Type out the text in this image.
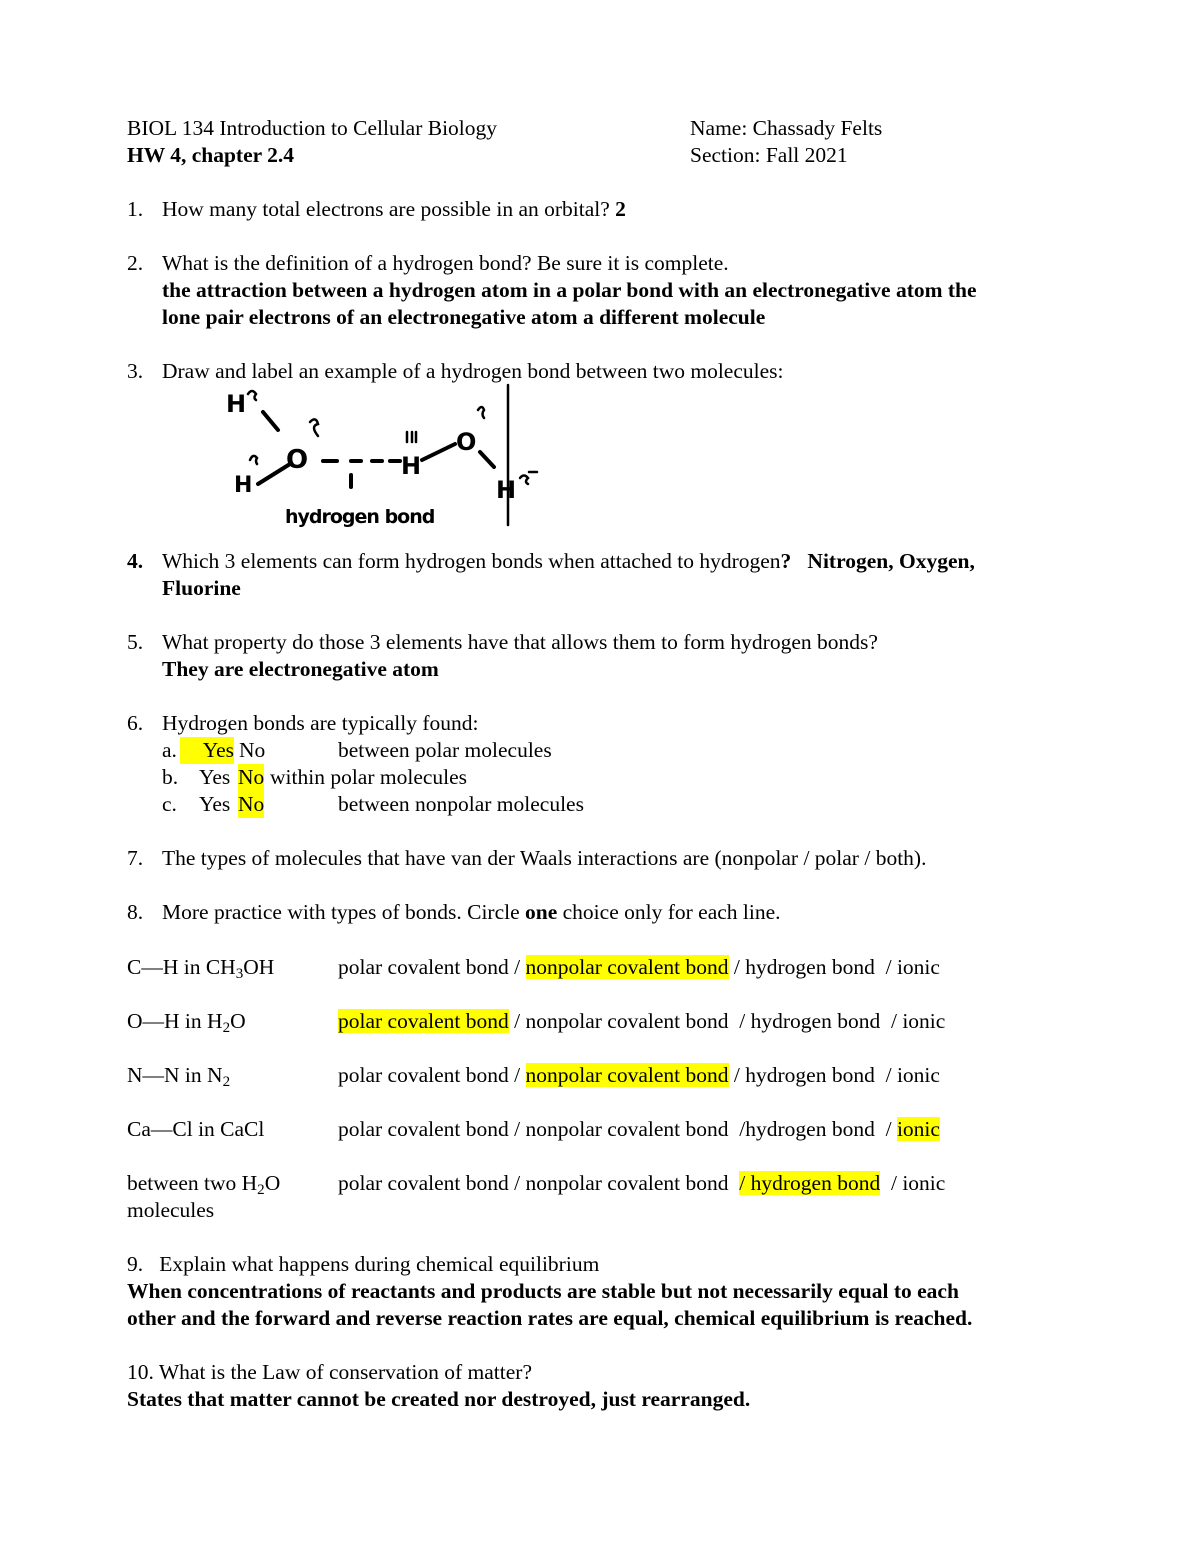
BIOL 134 Introduction to Cellular Biology
HW 4, chapter 2.4
Name: Chassady Felts
Section: Fall 2021
1. How many total electrons are possible in an orbital? 2
2. What is the definition of a hydrogen bond? Be sure it is complete.
the attraction between a hydrogen atom in a polar bond with an electronegative atom the
lone pair electrons of an electronegative atom a different molecule
3. Draw and label an example of a hydrogen bond between two molecules:
H
H
O	H
O
H
hydrogen bond
4. Which 3 elements can form hydrogen bonds when attached to hydrogen? Nitrogen, Oxygen,
Fluorine
5. What property do those 3 elements have that allows them to form hydrogen bonds?
They are electronegative atom
6. Hydrogen bonds are typically found:
a.	Yes No	between polar molecules
b. Yes No within polar molecules
c. Yes No	between nonpolar molecules
7. The types of molecules that have van der Waals interactions are (nonpolar / polar / both).
8. More practice with types of bonds. Circle one choice only for each line.
C—H in $CH_3OH$	polar covalent bond / nonpolar covalent bond / hydrogen bond  / ionic
O—H in $H_2O$	polar covalent bond / nonpolar covalent bond  / hydrogen bond  / ionic
N—N in $N_2$	polar covalent bond / nonpolar covalent bond / hydrogen bond  / ionic
Ca—Cl in CaCl	polar covalent bond / nonpolar covalent bond  /hydrogen bond  / ionic
between two $H_2O$
molecules
polar covalent bond / nonpolar covalent bond / hydrogen bond  / ionic
9. Explain what happens during chemical equilibrium
When concentrations of reactants and products are stable but not necessarily equal to each
other and the forward and reverse reaction rates are equal, chemical equilibrium is reached.
10. What is the Law of conservation of matter?
States that matter cannot be created nor destroyed, just rearranged.
